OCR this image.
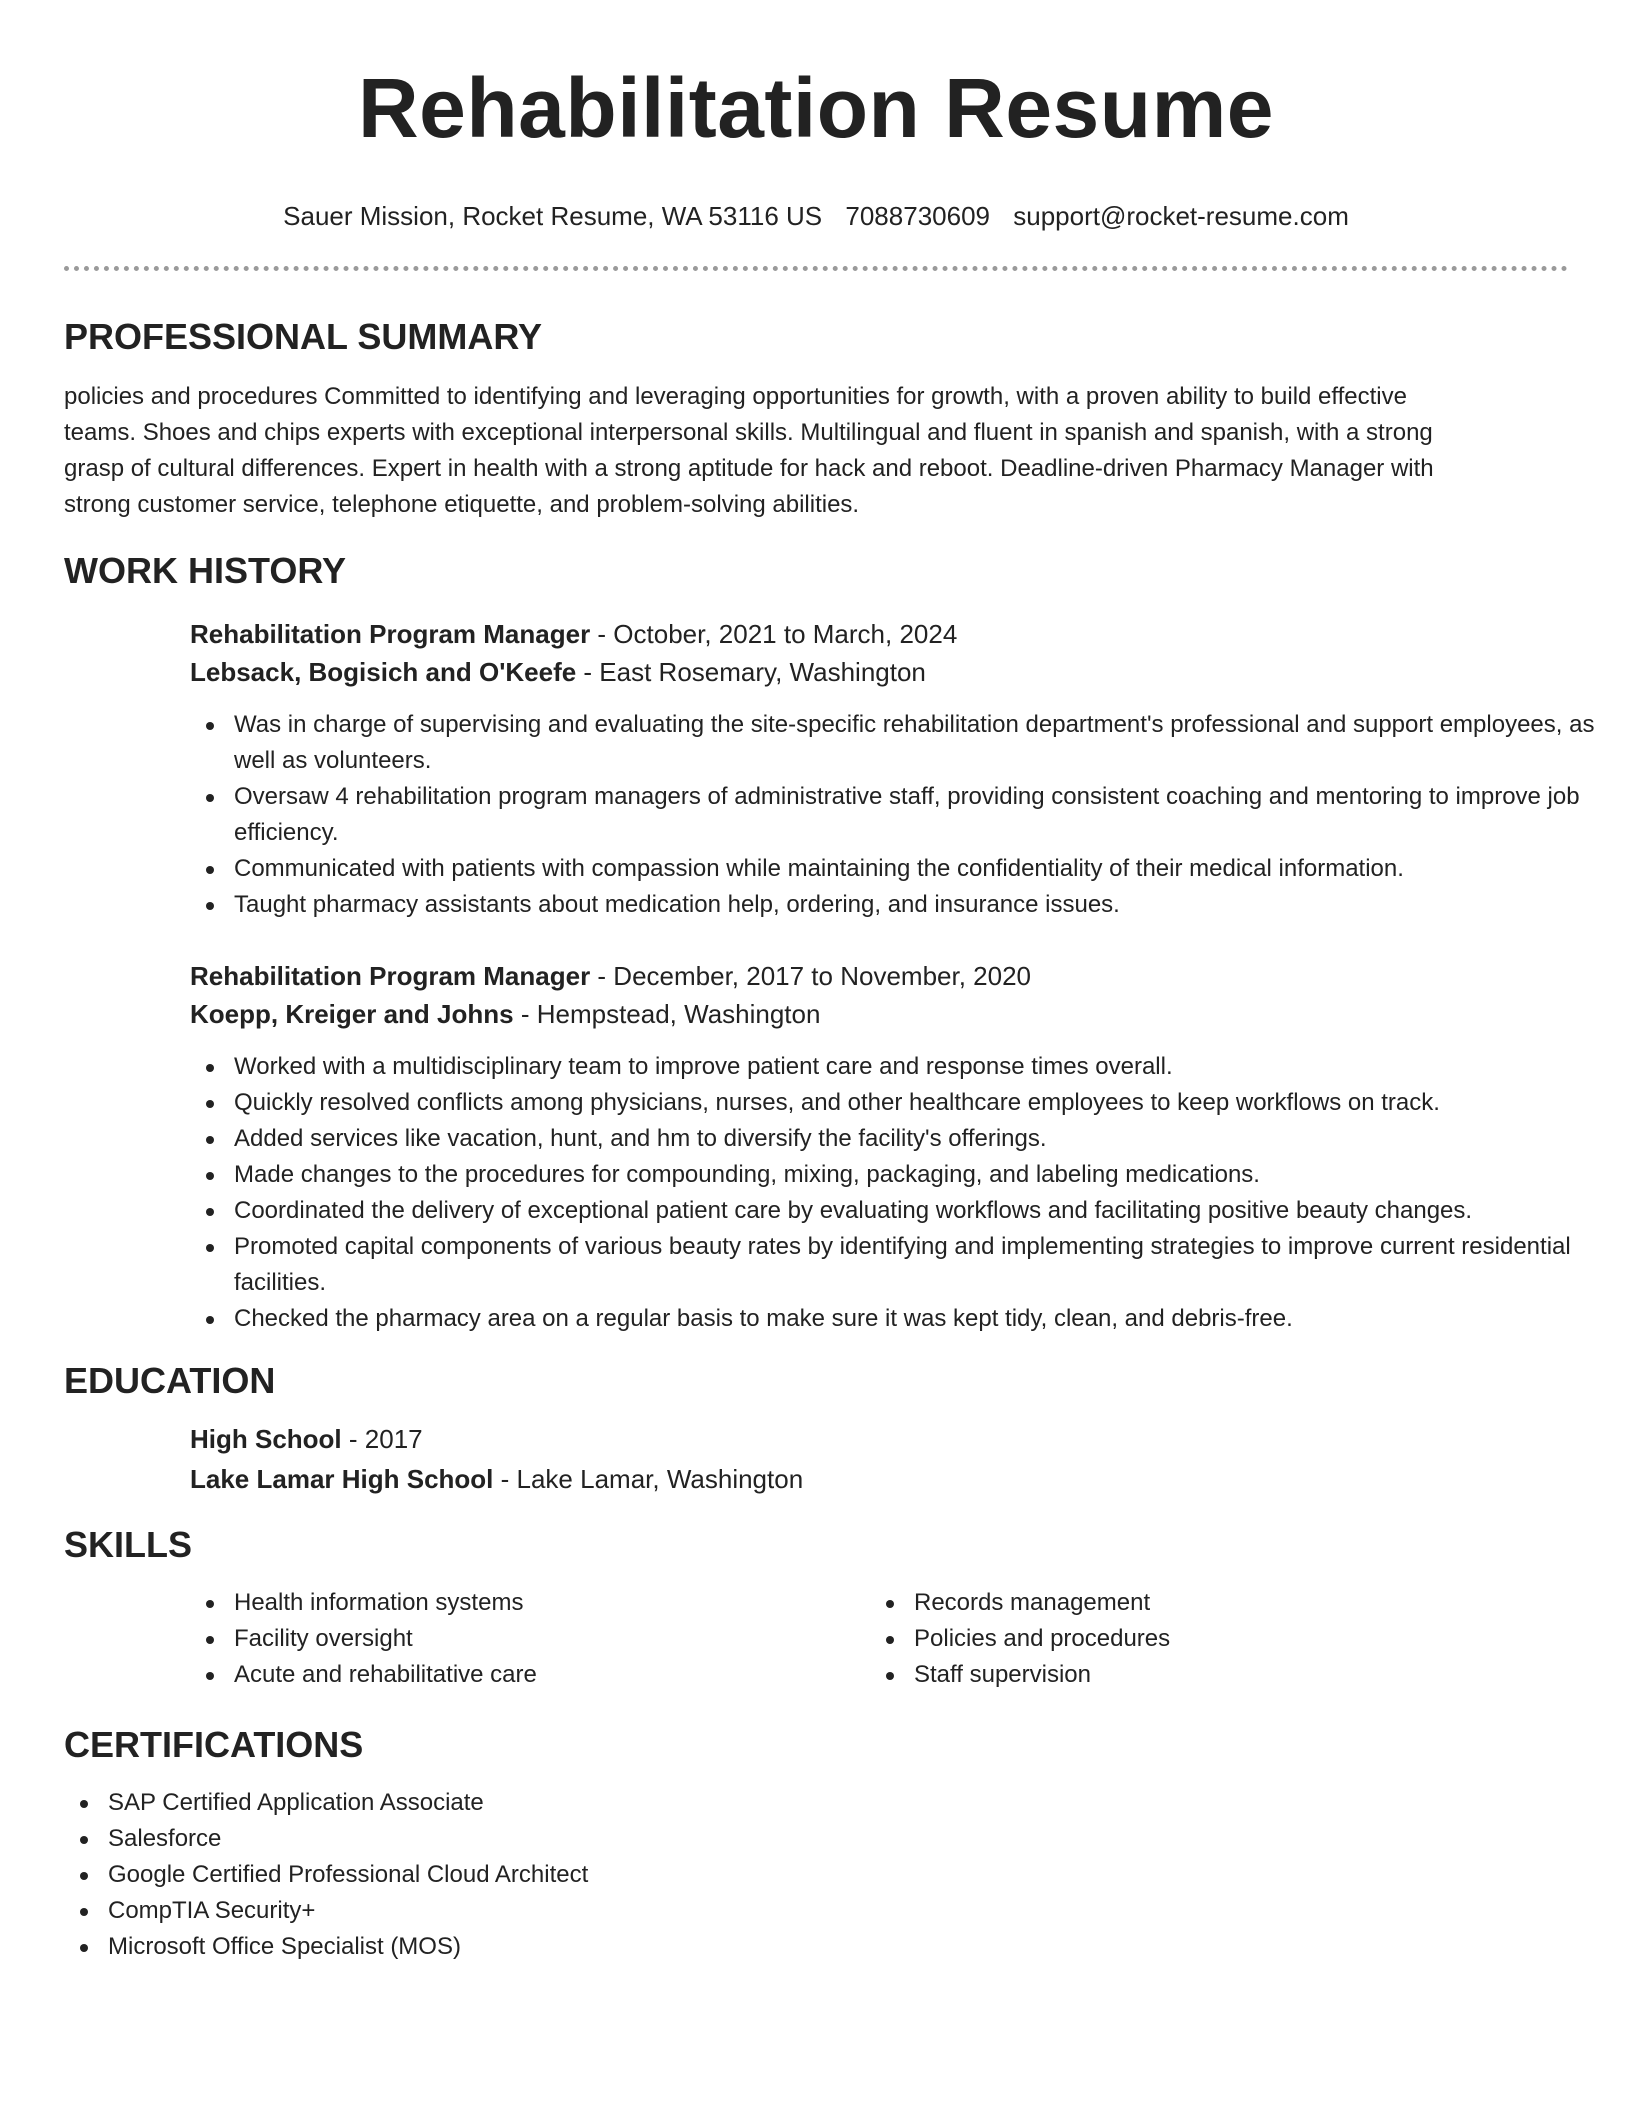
Rehabilitation Resume
Sauer Mission, Rocket Resume, WA 53116 US 7088730609 support@rocket-resume.com
PROFESSIONAL SUMMARY

policies and procedures Committed to identifying and leveraging opportunities for growth, with a proven ability to build effective teams. Shoes and chips experts with exceptional interpersonal skills. Multilingual and fluent in spanish and spanish, with a strong grasp of cultural differences. Expert in health with a strong aptitude for hack and reboot. Deadline-driven Pharmacy Manager with strong customer service, telephone etiquette, and problem-solving abilities.

WORK HISTORY
Rehabilitation Program Manager - October, 2021 to March, 2024
Lebsack, Bogisich and O'Keefe - East Rosemary, Washington
Was in charge of supervising and evaluating the site-specific rehabilitation department's professional and support employees, as well as volunteers.
Oversaw 4 rehabilitation program managers of administrative staff, providing consistent coaching and mentoring to improve job efficiency.
Communicated with patients with compassion while maintaining the confidentiality of their medical information.
Taught pharmacy assistants about medication help, ordering, and insurance issues.
Rehabilitation Program Manager - December, 2017 to November, 2020
Koepp, Kreiger and Johns - Hempstead, Washington
Worked with a multidisciplinary team to improve patient care and response times overall.
Quickly resolved conflicts among physicians, nurses, and other healthcare employees to keep workflows on track.
Added services like vacation, hunt, and hm to diversify the facility's offerings.
Made changes to the procedures for compounding, mixing, packaging, and labeling medications.
Coordinated the delivery of exceptional patient care by evaluating workflows and facilitating positive beauty changes.
Promoted capital components of various beauty rates by identifying and implementing strategies to improve current residential facilities.
Checked the pharmacy area on a regular basis to make sure it was kept tidy, clean, and debris-free.
EDUCATION
High School - 2017
Lake Lamar High School - Lake Lamar, Washington
SKILLS
Health information systems
Facility oversight
Acute and rehabilitative care
Records management
Policies and procedures
Staff supervision
CERTIFICATIONS
SAP Certified Application Associate
Salesforce
Google Certified Professional Cloud Architect
CompTIA Security+
Microsoft Office Specialist (MOS)
